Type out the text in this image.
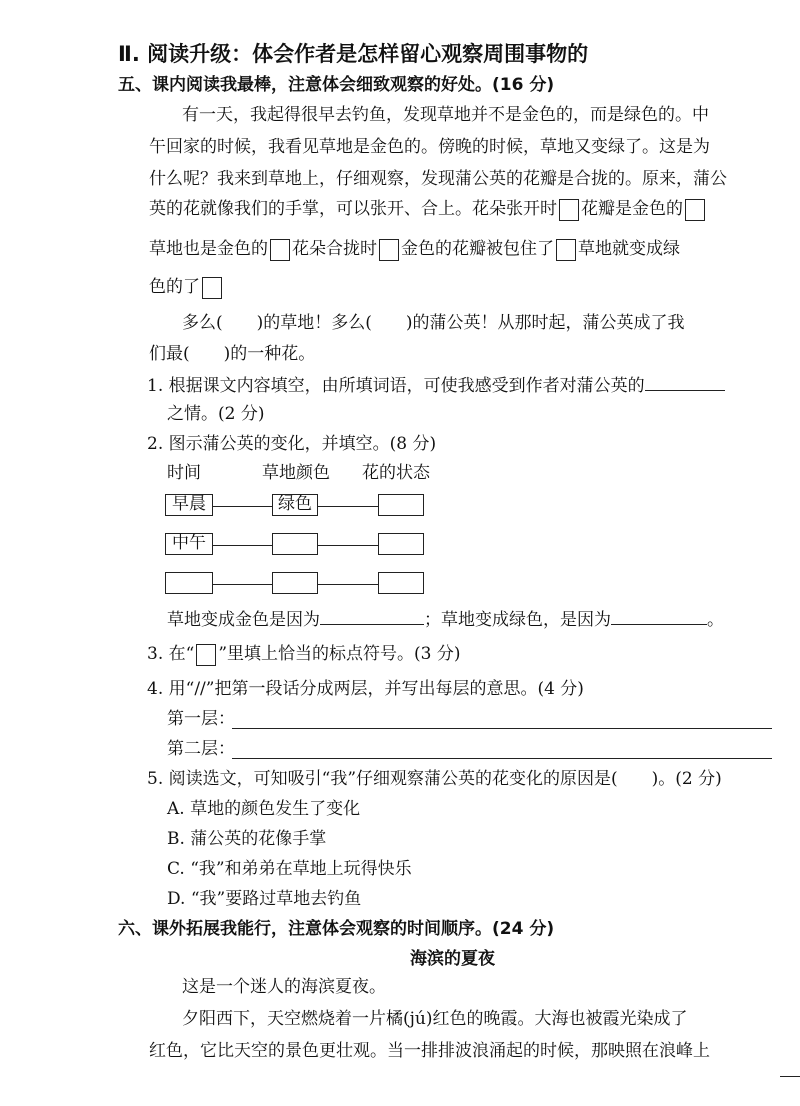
Ⅱ. 阅读升级：体会作者是怎样留心观察周围事物的
五、课内阅读我最棒，注意体会细致观察的好处。(16 分)
有一天，我起得很早去钓鱼，发现草地并不是金色的，而是绿色的。中
午回家的时候，我看见草地是金色的。傍晚的时候，草地又变绿了。这是为
什么呢？我来到草地上，仔细观察，发现蒲公英的花瓣是合拢的。原来，蒲公
英的花就像我们的手掌，可以张开、合上。花朵张开时 花瓣是金色的
草地也是金色的 花朵合拢时 金色的花瓣被包住了 草地就变成绿
色的了
多么( )的草地！多么( )的蒲公英！从那时起，蒲公英成了我
们最( )的一种花。
1. 根据课文内容填空，由所填词语，可使我感受到作者对蒲公英的
之情。(2 分)
2. 图示蒲公英的变化，并填空。(8 分)
时间	草地颜色 花的状态
早晨	绿色
中午
草地变成金色是因为	；草地变成绿色，是因为	。
3. 在“ ”里填上恰当的标点符号。(3 分)
4. 用“//”把第一段话分成两层，并写出每层的意思。(4 分)
第一层：
第二层：
5. 阅读选文，可知吸引“我”仔细观察蒲公英的花变化的原因是( )。(2 分)
A. 草地的颜色发生了变化
B. 蒲公英的花像手掌
C. “我”和弟弟在草地上玩得快乐
D. “我”要路过草地去钓鱼
六、课外拓展我能行，注意体会观察的时间顺序。(24 分)
海滨的夏夜
这是一个迷人的海滨夏夜。
夕阳西下，天空燃烧着一片橘(jú)红色的晚霞。大海也被霞光染成了
红色，它比天空的景色更壮观。当一排排波浪涌起的时候，那映照在浪峰上
